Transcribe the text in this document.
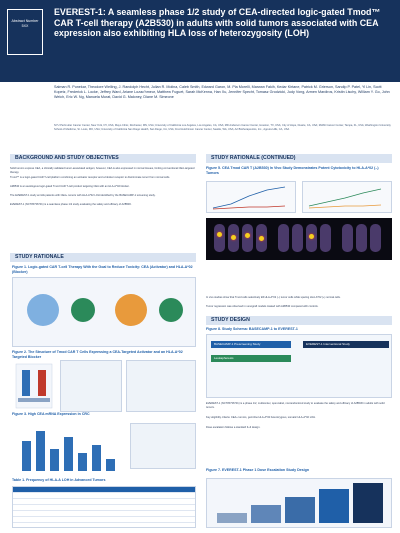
Abstract Number 5XX
EVEREST-1: A seamless phase 1/2 study of CEA-directed logic-gated Tmod™ CAR T-cell therapy (A2B530) in adults with solid tumors associated with CEA expression also exhibiting HLA loss of heterozygosity (LOH)
Salman R. Punekar, Theodore Welling, J. Randolph Hecht, Julian R. Molina, Caleb Smith, Edward Garon, M. Pia Morelli, Marwan Fakih, Kedar Kirtane, Patrick M. Grierson, Sandip P. Patel, Yi Lin, Scott Kopetz, Frederick L. Locke, Jeffrey Ward, Ariane Lozac'hmeur, Matthew Fuguet, Sarah McKenna, Han Xu, Jennifer Specht, Tomasz Grodzicki, Judy Vong, Armen Mardiros, Kristin Lischy, William Y. Go, John Welch, Eric W. Ng, Manuela Murat, David G. Maloney, Diane M. Simeone
NYU Perlmutter Cancer Center, New York, NY, USA; Mayo Clinic, Rochester, MN, USA; University of California Los Angeles, Los Angeles, CA, USA; MD Anderson Cancer Center, Houston, TX, USA; City of Hope, Duarte, CA, USA; Moffitt Cancer Center, Tampa, FL, USA; Washington University School of Medicine, St. Louis, MO, USA; University of California San Diego Health, San Diego, CA, USA; Fred Hutchinson Cancer Center, Seattle, WA, USA; A2 Biotherapeutics, Inc., Agoura Hills, CA, USA
BACKGROUND AND STUDY OBJECTIVES
Solid tumors express CEA, a clinically validated tumor-associated antigen; however, CEA is also expressed in normal tissues, limiting conventional CEA-targeted therapy.
Tmod™ is a logic-gated CAR T-cell platform combining an activator receptor and a blocker receptor to discriminate tumor from normal cells.
A2B530 is an autologous logic-gated Tmod CAR T-cell product targeting CEA with an HLA-A*02 blocker.
The EVEREST-1 study enrolls patients with CEA+ tumors with HLA-A*02 LOH identified by the BASECAMP-1 screening study.
EVEREST-1 (NCT05736731) is a seamless phase 1/2 study evaluating the safety and efficacy of A2B530.
STUDY RATIONALE
Figure 1. Logic-gated CAR T-cell Therapy With the Goal to Reduce Toxicity: CEA (Activator) and HLA-A*02 (Blocker)
Figure 2. The Structure of Tmod CAR T Cells Expressing a CEA-Targeted Activator and an HLA-A*02 Targeted Blocker
Figure 3. High CEA mRNA Expression in CRC
Table 1. Frequency of HLA-A LOH in Advanced Tumors
STUDY RATIONALE (CONTINUED)
Figure 5. CEA Tmod CAR T (A2B530) In Vivo Study Demonstrates Potent Cytotoxicity to HLA-A*02 (–) Tumors
In vivo studies show that Tmod cells selectively kill HLA-A*02 (–) tumor cells while sparing HLA-A*02 (+) normal cells.
Tumor regression was observed in xenograft models treated with A2B530 compared with controls.
STUDY DESIGN
Figure 8. Study Schema: BASECAMP-1 to EVEREST-1
BASECAMP-1 Prescreening Study
Leukapheresis
EVEREST-1 Interventional Study
EVEREST-1 (NCT05736731) is a phase 1/2, multicenter, open-label, nonrandomized study to evaluate the safety and efficacy of A2B530 in adults with solid tumors.
Key eligibility criteria: CEA+ tumors, germline HLA-A*02 heterozygous, somatic HLA-A*02 LOH.
Dose escalation follows a standard 3+3 design.
Figure 7. EVEREST-1 Phase 1 Dose Escalation Study Design
